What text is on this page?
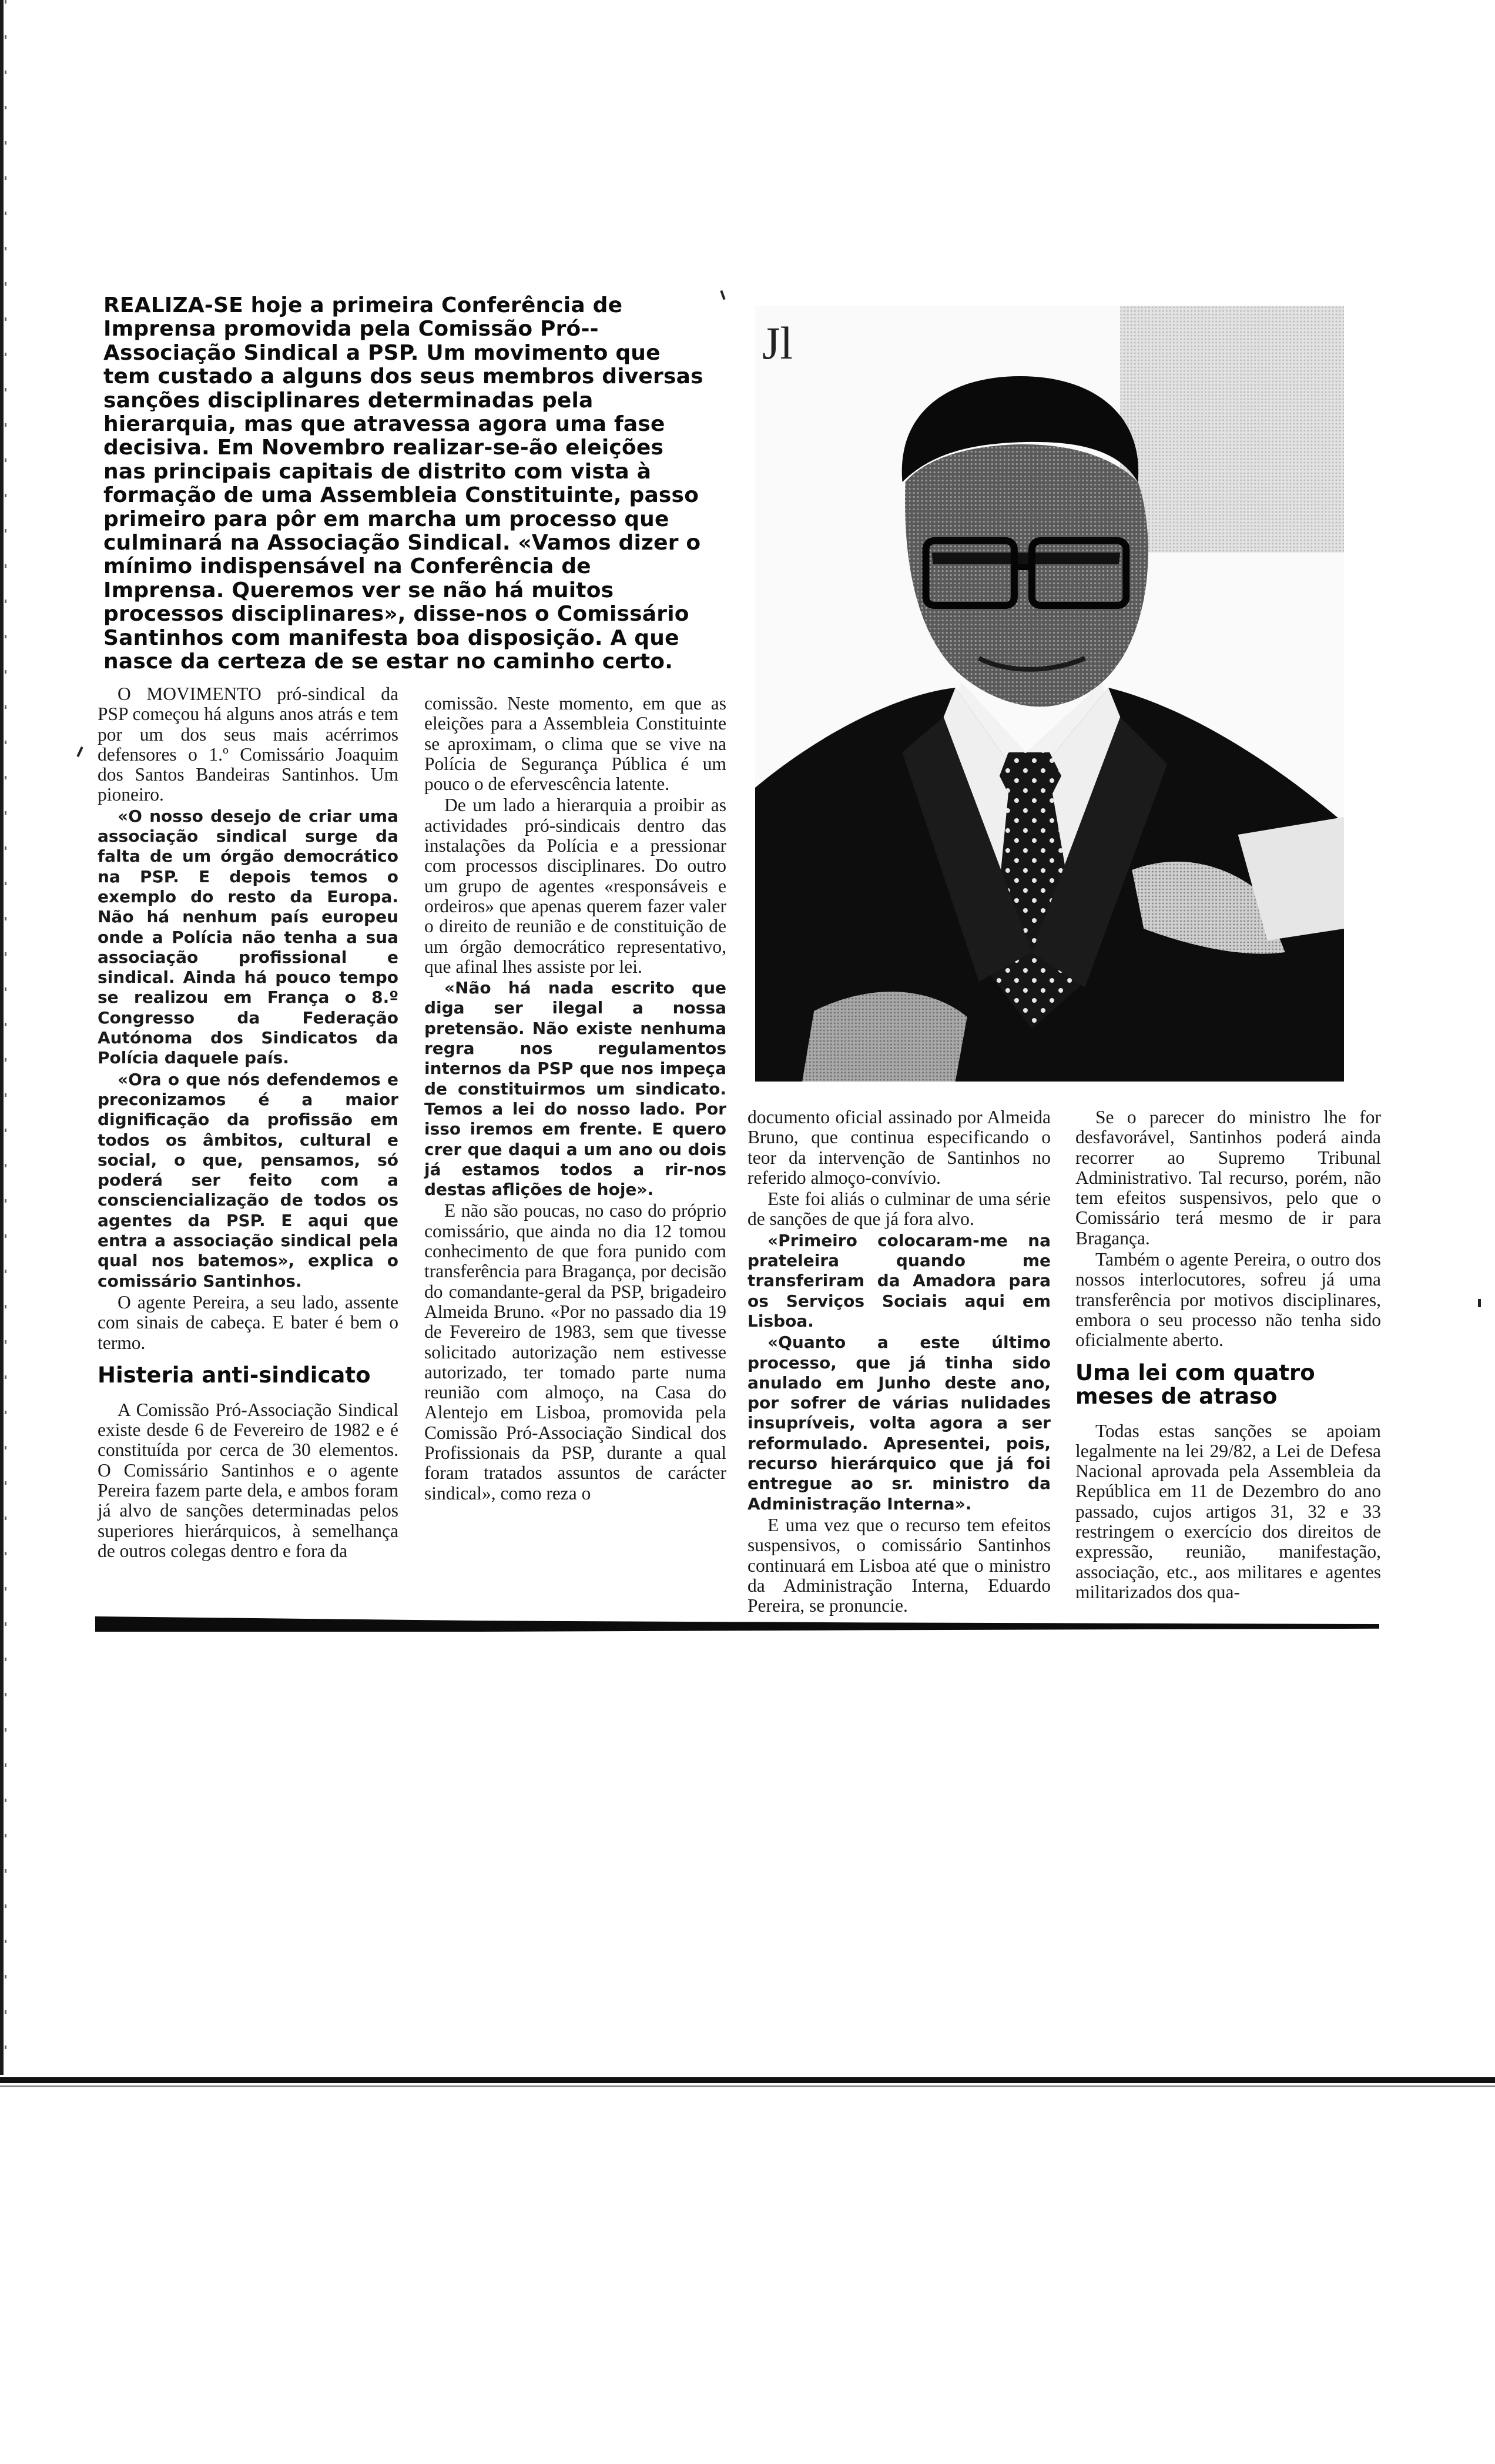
REALIZA-SE hoje a primeira Conferência de Imprensa promovida pela Comissão Pró--Associação Sindical a PSP. Um movimento que tem custado a alguns dos seus membros diversas sanções disciplinares determinadas pela hierarquia, mas que atravessa agora uma fase decisiva. Em Novembro realizar-se-ão eleições nas principais capitais de distrito com vista à formação de uma Assembleia Constituinte, passo primeiro para pôr em marcha um processo que culminará na Associação Sindical. «Vamos dizer o mínimo indispensável na Conferência de Imprensa. Queremos ver se não há muitos processos disciplinares», disse-nos o Comissário Santinhos com manifesta boa disposição. A que nasce da certeza de se estar no caminho certo.

Jl

O MOVIMENTO pró-sindical da PSP começou há alguns anos atrás e tem por um dos seus mais acérrimos defensores o 1.º Comissário Joaquim dos Santos Bandeiras Santinhos. Um pioneiro.

«O nosso desejo de criar uma associação sindical surge da falta de um órgão democrático na PSP. E depois temos o exemplo do resto da Europa. Não há nenhum país europeu onde a Polícia não tenha a sua associação profissional e sindical. Ainda há pouco tempo se realizou em França o 8.º Congresso da Federação Autónoma dos Sindicatos da Polícia daquele país.

«Ora o que nós defendemos e preconizamos é a maior dignificação da profissão em todos os âmbitos, cultural e social, o que, pensamos, só poderá ser feito com a consciencialização de todos os agentes da PSP. E aqui que entra a associação sindical pela qual nos batemos», explica o comissário Santinhos.

O agente Pereira, a seu lado, assente com sinais de cabeça. E bater é bem o termo.

Histeria anti-sindicato

A Comissão Pró-Associação Sindical existe desde 6 de Fevereiro de 1982 e é constituída por cerca de 30 elementos. O Comissário Santinhos e o agente Pereira fazem parte dela, e ambos foram já alvo de sanções determinadas pelos superiores hierárquicos, à semelhança de outros colegas dentro e fora da

comissão. Neste momento, em que as eleições para a Assembleia Constituinte se aproximam, o clima que se vive na Polícia de Segurança Pública é um pouco o de efervescência latente.

De um lado a hierarquia a proibir as actividades pró-sindicais dentro das instalações da Polícia e a pressionar com processos disciplinares. Do outro um grupo de agentes «responsáveis e ordeiros» que apenas querem fazer valer o direito de reunião e de constituição de um órgão democrático representativo, que afinal lhes assiste por lei.

«Não há nada escrito que diga ser ilegal a nossa pretensão. Não existe nenhuma regra nos regulamentos internos da PSP que nos impeça de constituirmos um sindicato. Temos a lei do nosso lado. Por isso iremos em frente. E quero crer que daqui a um ano ou dois já estamos todos a rir-nos destas aflições de hoje».

E não são poucas, no caso do próprio comissário, que ainda no dia 12 tomou conhecimento de que fora punido com transferência para Bragança, por decisão do comandante-geral da PSP, brigadeiro Almeida Bruno. «Por no passado dia 19 de Fevereiro de 1983, sem que tivesse solicitado autorização nem estivesse autorizado, ter tomado parte numa reunião com almoço, na Casa do Alentejo em Lisboa, promovida pela Comissão Pró-Associação Sindical dos Profissionais da PSP, durante a qual foram tratados assuntos de carácter sindical», como reza o

documento oficial assinado por Almeida Bruno, que continua especificando o teor da intervenção de Santinhos no referido almoço-convívio.

Este foi aliás o culminar de uma série de sanções de que já fora alvo.

«Primeiro colocaram-me na prateleira quando me transferiram da Amadora para os Serviços Sociais aqui em Lisboa.

«Quanto a este último processo, que já tinha sido anulado em Junho deste ano, por sofrer de várias nulidades insupríveis, volta agora a ser reformulado. Apresentei, pois, recurso hierárquico que já foi entregue ao sr. ministro da Administração Interna».

E uma vez que o recurso tem efeitos suspensivos, o comissário Santinhos continuará em Lisboa até que o ministro da Administração Interna, Eduardo Pereira, se pronuncie.

Se o parecer do ministro lhe for desfavorável, Santinhos poderá ainda recorrer ao Supremo Tribunal Administrativo. Tal recurso, porém, não tem efeitos suspensivos, pelo que o Comissário terá mesmo de ir para Bragança.

Também o agente Pereira, o outro dos nossos interlocutores, sofreu já uma transferência por motivos disciplinares, embora o seu processo não tenha sido oficialmente aberto.

Uma lei com quatro meses de atraso

Todas estas sanções se apoiam legalmente na lei 29/82, a Lei de Defesa Nacional aprovada pela Assembleia da República em 11 de Dezembro do ano passado, cujos artigos 31, 32 e 33 restringem o exercício dos direitos de expressão, reunião, manifestação, associação, etc., aos militares e agentes militarizados dos qua-
